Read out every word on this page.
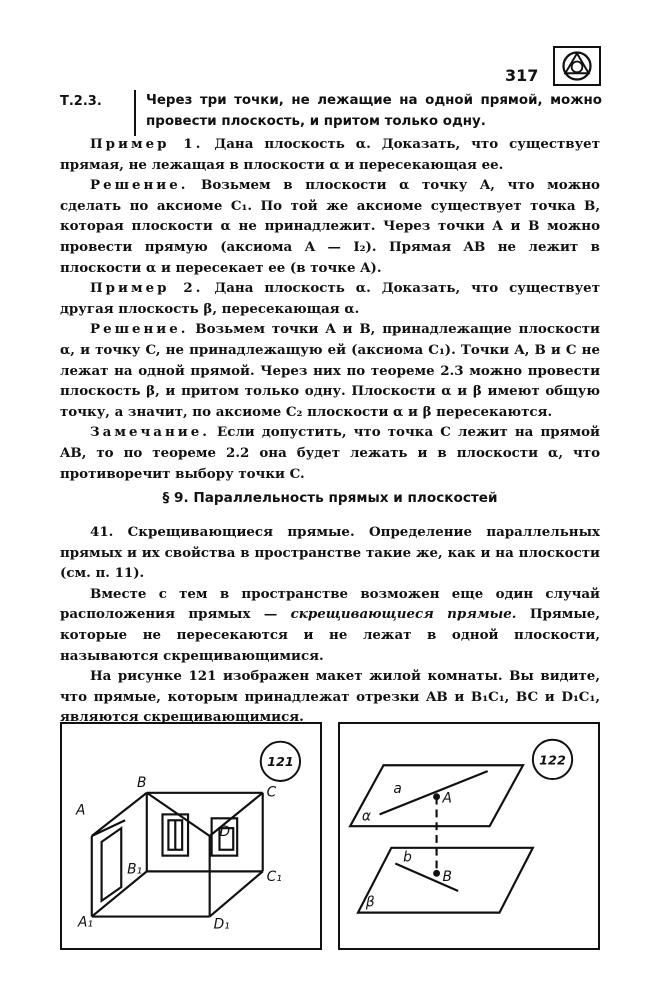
317
Т.2.3.	Через три точки, не лежащие на одной прямой, можно провести плоскость, и притом только одну.

Пример 1. Дана плоскость α. Доказать, что существует прямая, не лежащая в плоскости α и пересекающая ее.

Решение. Возьмем в плоскости α точку A, что можно сделать по аксиоме C₁. По той же аксиоме существует точка B, которая плоскости α не принадлежит. Через точки A и B можно провести прямую (аксиома A — I₂). Прямая AB не лежит в плоскости α и пересекает ее (в точке A).

Пример 2. Дана плоскость α. Доказать, что существует другая плоскость β, пересекающая α.

Решение. Возьмем точки A и B, принадлежащие плоскости α, и точку C, не принадлежащую ей (аксиома C₁). Точки A, B и C не лежат на одной прямой. Через них по теореме 2.3 можно провести плоскость β, и притом только одну. Плоскости α и β имеют общую точку, а значит, по аксиоме C₂ плоскости α и β пересекаются.

Замечание. Если допустить, что точка C лежит на прямой AB, то по теореме 2.2 она будет лежать и в плоскости α, что противоречит выбору точки C.

§ 9. Параллельность прямых и плоскостей

41. Скрещивающиеся прямые. Определение параллельных прямых и их свойства в пространстве такие же, как и на плоскости (см. п. 11).

Вместе с тем в пространстве возможен еще один случай расположения прямых — скрещивающиеся прямые. Прямые, которые не пересекаются и не лежат в одной плоскости, называются скрещивающимися.

На рисунке 121 изображен макет жилой комнаты. Вы видите, что прямые, которым принадлежат отрезки AB и B₁C₁, BC и D₁C₁, являются скрещивающимися.

121
B
C
A
B₁	C₁
A₁	D₁
D
122
a
α
A
b
B
β
